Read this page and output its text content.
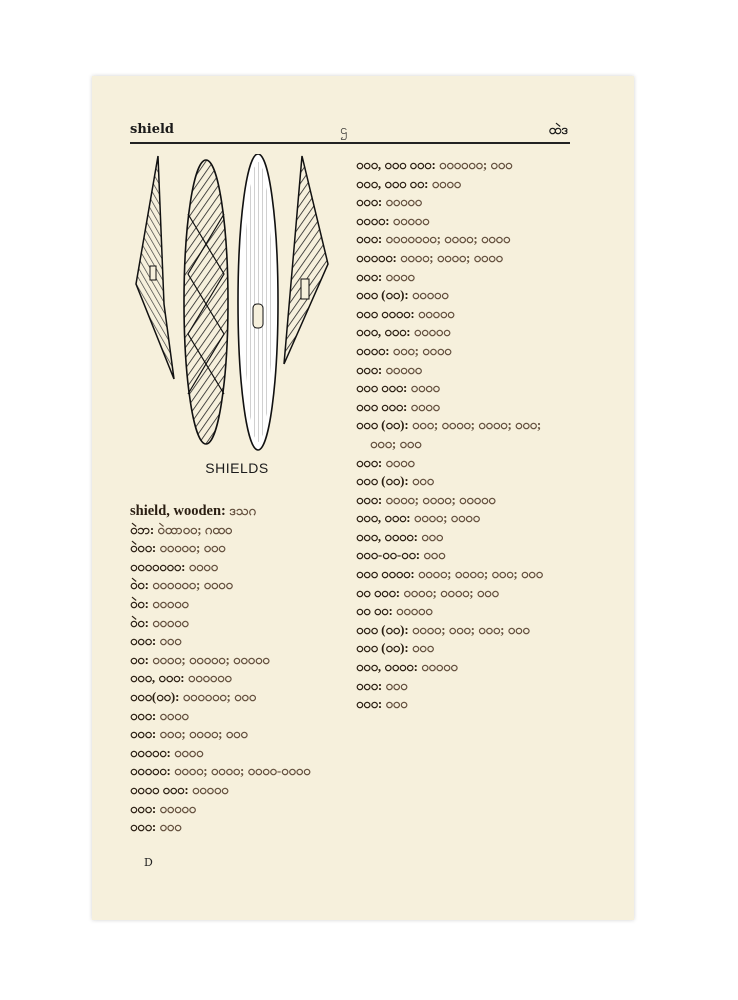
shield	ဌ	ထဲဒ
SHIELDS
shield, wooden: ဒသဂ
ဝဲဘ: ဝဲထာဝဝ; ဂထဝ
ဝဲဝဝ: ဝဝဝဝဝ; ဝဝဝ
ဝဝဝဝဝဝဝ: ဝဝဝဝ
ဝဲဝ: ဝဝဝဝဝဝ; ဝဝဝဝ
ဝဲဝ: ဝဝဝဝဝ
ဝဲဝ: ဝဝဝဝဝ
ဝဝဝ: ဝဝဝ
ဝဝ: ဝဝဝဝ; ဝဝဝဝဝ; ဝဝဝဝဝ
ဝဝဝ, ဝဝဝ: ဝဝဝဝဝဝ
ဝဝဝ(ဝဝ): ဝဝဝဝဝဝ; ဝဝဝ
ဝဝဝ: ဝဝဝဝ
ဝဝဝ: ဝဝဝ; ဝဝဝဝ; ဝဝဝ
ဝဝဝဝဝ: ဝဝဝဝ
ဝဝဝဝဝ: ဝဝဝဝ; ဝဝဝဝ; ဝဝဝဝ-ဝဝဝဝ
ဝဝဝဝ ဝဝဝ: ဝဝဝဝဝ
ဝဝဝ: ဝဝဝဝဝ
ဝဝဝ: ဝဝဝ
ဝဝဝ, ဝဝဝ ဝဝဝ: ဝဝဝဝဝဝ; ဝဝဝ
ဝဝဝ, ဝဝဝ ဝဝ: ဝဝဝဝ
ဝဝဝ: ဝဝဝဝဝ
ဝဝဝဝ: ဝဝဝဝဝ
ဝဝဝ: ဝဝဝဝဝဝဝ; ဝဝဝဝ; ဝဝဝဝ
ဝဝဝဝဝ: ဝဝဝဝ; ဝဝဝဝ; ဝဝဝဝ
ဝဝဝ: ဝဝဝဝ
ဝဝဝ (ဝဝ): ဝဝဝဝဝ
ဝဝဝ ဝဝဝဝ: ဝဝဝဝဝ
ဝဝဝ, ဝဝဝ: ဝဝဝဝဝ
ဝဝဝဝ: ဝဝဝ; ဝဝဝဝ
ဝဝဝ: ဝဝဝဝဝ
ဝဝဝ ဝဝဝ: ဝဝဝဝ
ဝဝဝ ဝဝဝ: ဝဝဝဝ
ဝဝဝ (ဝဝ): ဝဝဝ; ဝဝဝဝ; ဝဝဝဝ; ဝဝဝ; ဝဝဝ; ဝဝဝ
ဝဝဝ: ဝဝဝဝ
ဝဝဝ (ဝဝ): ဝဝဝ
ဝဝဝ: ဝဝဝဝ; ဝဝဝဝ; ဝဝဝဝဝ
ဝဝဝ, ဝဝဝ: ဝဝဝဝ; ဝဝဝဝ
ဝဝဝ, ဝဝဝဝ: ဝဝဝ
ဝဝဝ-ဝဝ-ဝဝ: ဝဝဝ
ဝဝဝ ဝဝဝဝ: ဝဝဝဝ; ဝဝဝဝ; ဝဝဝ; ဝဝဝ
ဝဝ ဝဝဝ: ဝဝဝဝ; ဝဝဝဝ; ဝဝဝ
ဝဝ ဝဝ: ဝဝဝဝဝ
ဝဝဝ (ဝဝ): ဝဝဝဝ; ဝဝဝ; ဝဝဝ; ဝဝဝ
ဝဝဝ (ဝဝ): ဝဝဝ
ဝဝဝ, ဝဝဝဝ: ဝဝဝဝဝ
ဝဝဝ: ဝဝဝ
ဝဝဝ: ဝဝဝ
D
